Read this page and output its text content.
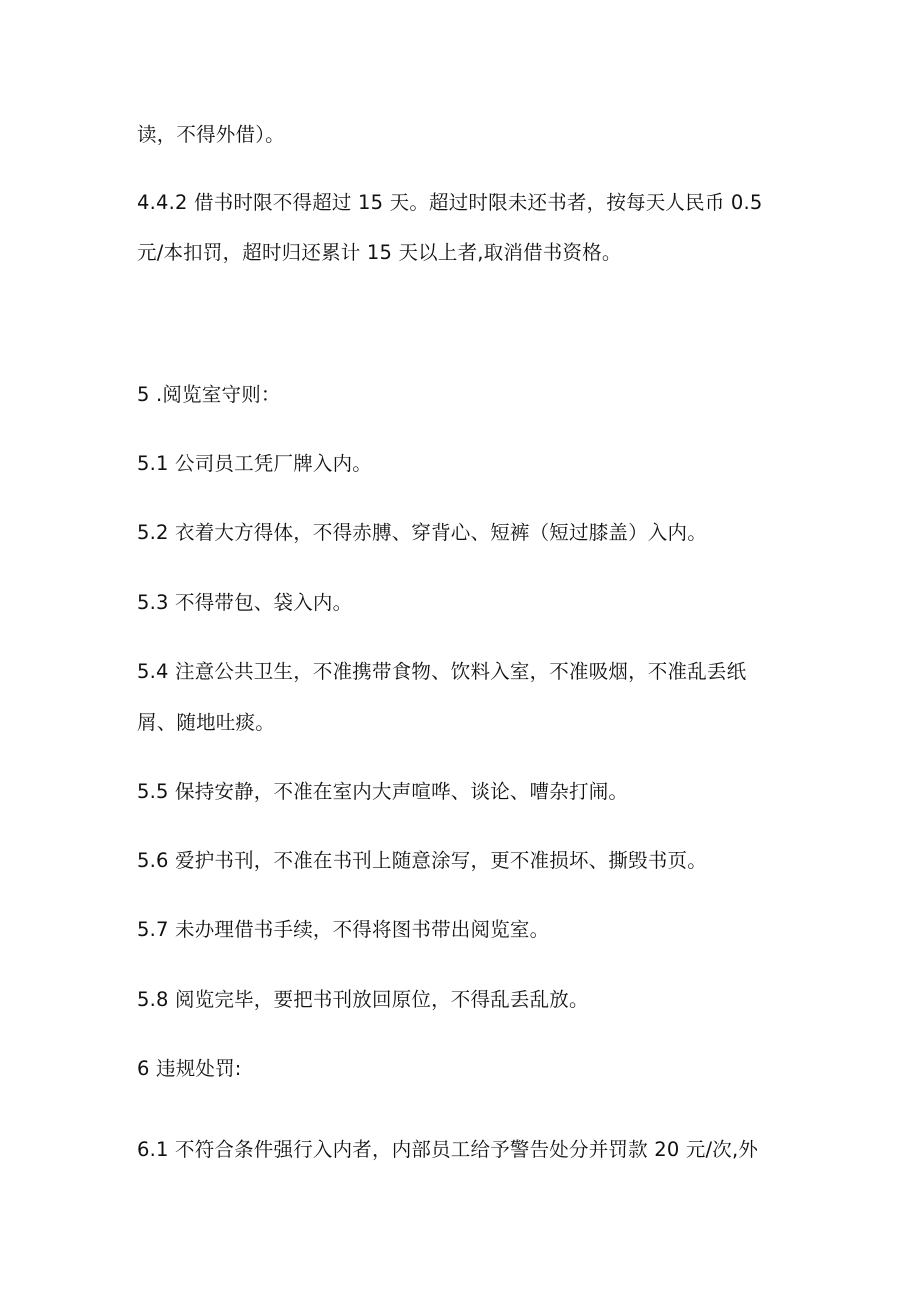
读，不得外借）。
4.4.2 借书时限不得超过 15 天。超过时限未还书者，按每天人民币 0.5
元/本扣罚，超时归还累计 15 天以上者,取消借书资格。
5 .阅览室守则：
5.1 公司员工凭厂牌入内。
5.2 衣着大方得体，不得赤膊、穿背心、短裤（短过膝盖）入内。
5.3 不得带包、袋入内。
5.4 注意公共卫生，不准携带食物、饮料入室，不准吸烟，不准乱丢纸
屑、随地吐痰。
5.5 保持安静，不准在室内大声喧哗、谈论、嘈杂打闹。
5.6 爱护书刊，不准在书刊上随意涂写，更不准损坏、撕毁书页。
5.7 未办理借书手续，不得将图书带出阅览室。
5.8 阅览完毕，要把书刊放回原位，不得乱丢乱放。
6 违规处罚:
6.1 不符合条件强行入内者，内部员工给予警告处分并罚款 20 元/次,外
